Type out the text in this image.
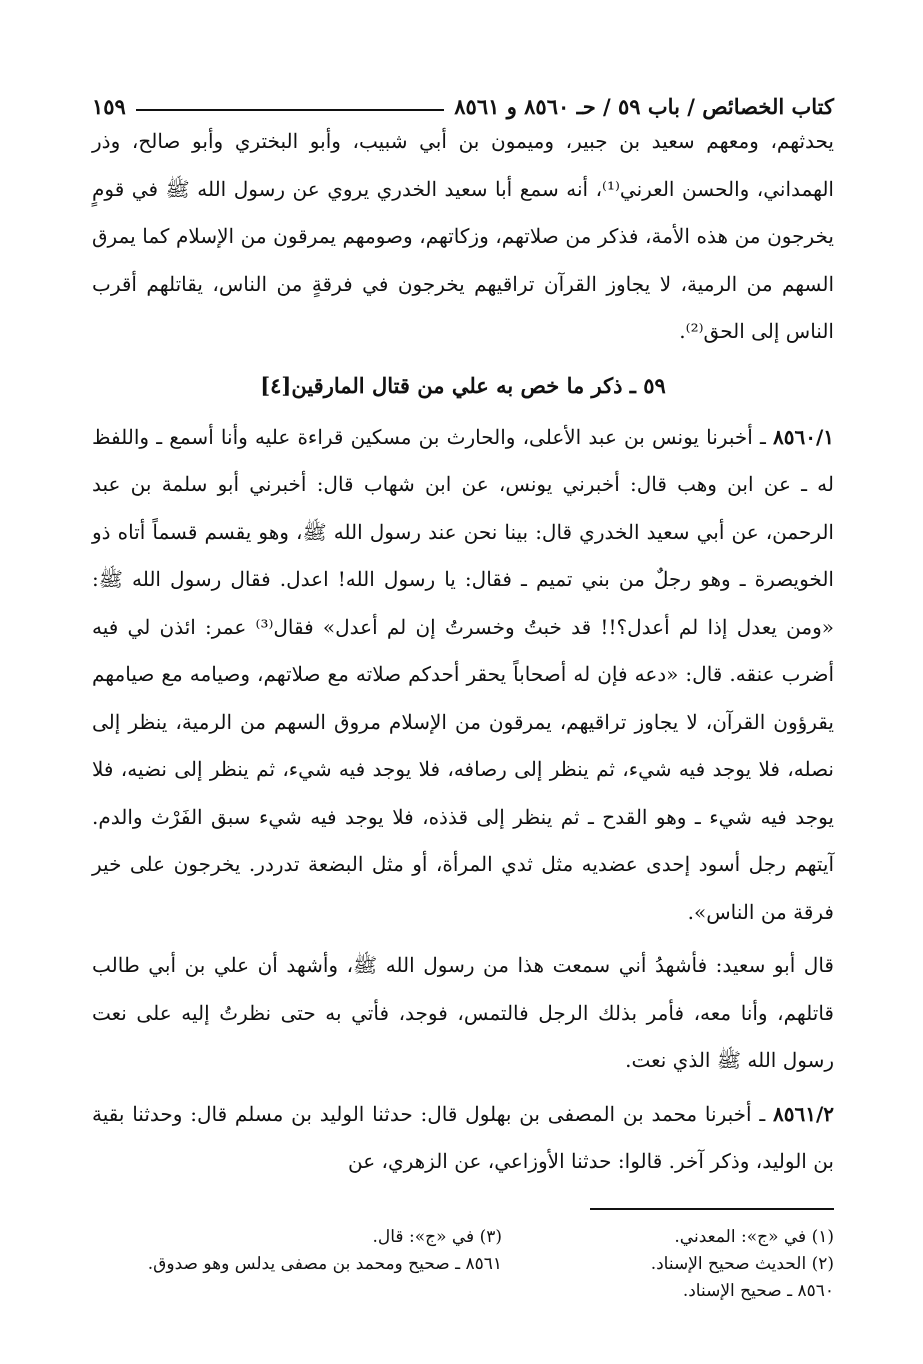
كتاب الخصائص / باب ٥٩ / حـ ٨٥٦٠ و ٨٥٦١
١٥٩

يحدثهم، ومعهم سعيد بن جبير، وميمون بن أبي شبيب، وأبو البختري وأبو صالح، وذر الهمداني، والحسن العرني⁽¹⁾، أنه سمع أبا سعيد الخدري يروي عن رسول الله ﷺ في قومٍ يخرجون من هذه الأمة، فذكر من صلاتهم، وزكاتهم، وصومهم يمرقون من الإسلام كما يمرق السهم من الرمية، لا يجاوز القرآن تراقيهم يخرجون في فرقةٍ من الناس، يقاتلهم أقرب الناس إلى الحق⁽²⁾.

٥٩ ـ ذكر ما خص به علي من قتال المارقين[٤]

٨٥٦٠/١ ـ أخبرنا يونس بن عبد الأعلى، والحارث بن مسكين قراءة عليه وأنا أسمع ـ واللفظ له ـ عن ابن وهب قال: أخبرني يونس، عن ابن شهاب قال: أخبرني أبو سلمة بن عبد الرحمن، عن أبي سعيد الخدري قال: بينا نحن عند رسول الله ﷺ، وهو يقسم قسماً أتاه ذو الخويصرة ـ وهو رجلٌ من بني تميم ـ فقال: يا رسول الله! اعدل. فقال رسول الله ﷺ: «ومن يعدل إذا لم أعدل؟!! قد خبتُ وخسرتُ إن لم أعدل» فقال⁽³⁾ عمر: ائذن لي فيه أضرب عنقه. قال: «دعه فإن له أصحاباً يحقر أحدكم صلاته مع صلاتهم، وصيامه مع صيامهم يقرؤون القرآن، لا يجاوز تراقيهم، يمرقون من الإسلام مروق السهم من الرمية، ينظر إلى نصله، فلا يوجد فيه شيء، ثم ينظر إلى رصافه، فلا يوجد فيه شيء، ثم ينظر إلى نضيه، فلا يوجد فيه شيء ـ وهو القدح ـ ثم ينظر إلى قذذه، فلا يوجد فيه شيء سبق الفَرْث والدم. آيتهم رجل أسود إحدى عضديه مثل ثدي المرأة، أو مثل البضعة تدردر. يخرجون على خير فرقة من الناس».

قال أبو سعيد: فأشهدُ أني سمعت هذا من رسول الله ﷺ، وأشهد أن علي بن أبي طالب قاتلهم، وأنا معه، فأمر بذلك الرجل فالتمس، فوجد، فأتي به حتى نظرتُ إليه على نعت رسول الله ﷺ الذي نعت.

٨٥٦١/٢ ـ أخبرنا محمد بن المصفى بن بهلول قال: حدثنا الوليد بن مسلم قال: وحدثنا بقية بن الوليد، وذكر آخر. قالوا: حدثنا الأوزاعي، عن الزهري، عن

(١) في «ج»: المعدني.
(٢) الحديث صحيح الإسناد.
٨٥٦٠ ـ صحيح الإسناد.
(٣) في «ج»: قال.
٨٥٦١ ـ صحيح ومحمد بن مصفى يدلس وهو صدوق.
